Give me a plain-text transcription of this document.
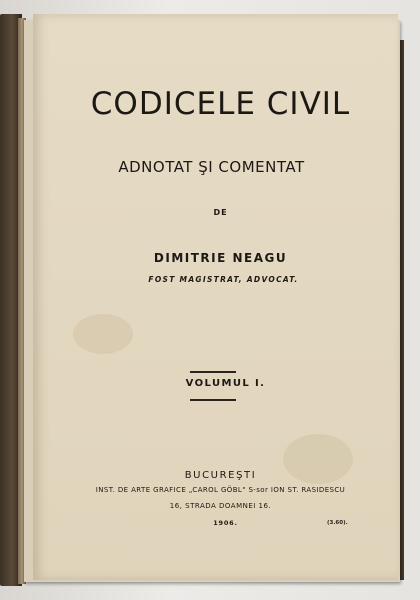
CODICELE CIVIL
ADNOTAT ŞI COMENTAT
DE
DIMITRIE NEAGU
FOST MAGISTRAT, ADVOCAT.
VOLUMUL I.
BUCUREŞTI
INST. DE ARTE GRAFICE „CAROL GÖBL" S-sor ION ST. RASIDESCU
16, STRADA DOAMNEI 16.
1906.	(3.60).
